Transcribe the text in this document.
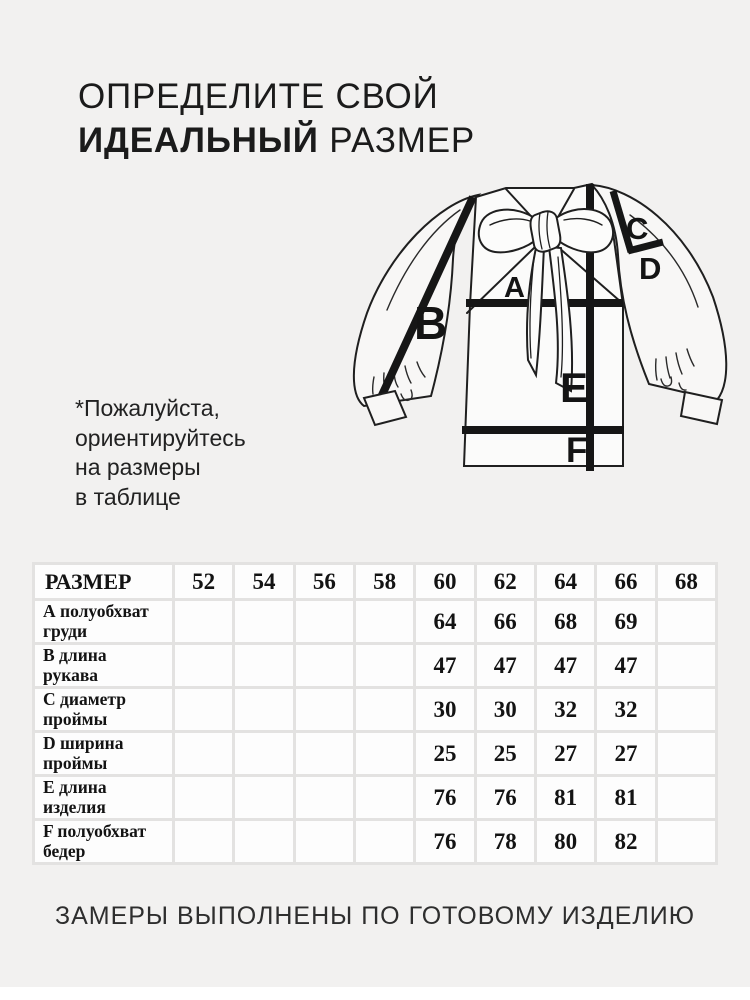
ОПРЕДЕЛИТЕ СВОЙ
ИДЕАЛЬНЫЙ РАЗМЕР
*Пожалуйста,
ориентируйтесь
на размеры
в таблице
A
B
C
D
E
F
РАЗМЕР	52	54	56	58	60	62	64	66	68

А полуобхват
груди					64	66	68	69	

В длина
рукава					47	47	47	47	

С диаметр
проймы					30	30	32	32	

D ширина
проймы					25	25	27	27	

Е длина
изделия					76	76	81	81	

F полуобхват
бедер					76	78	80	82	
ЗАМЕРЫ ВЫПОЛНЕНЫ ПО ГОТОВОМУ ИЗДЕЛИЮ
